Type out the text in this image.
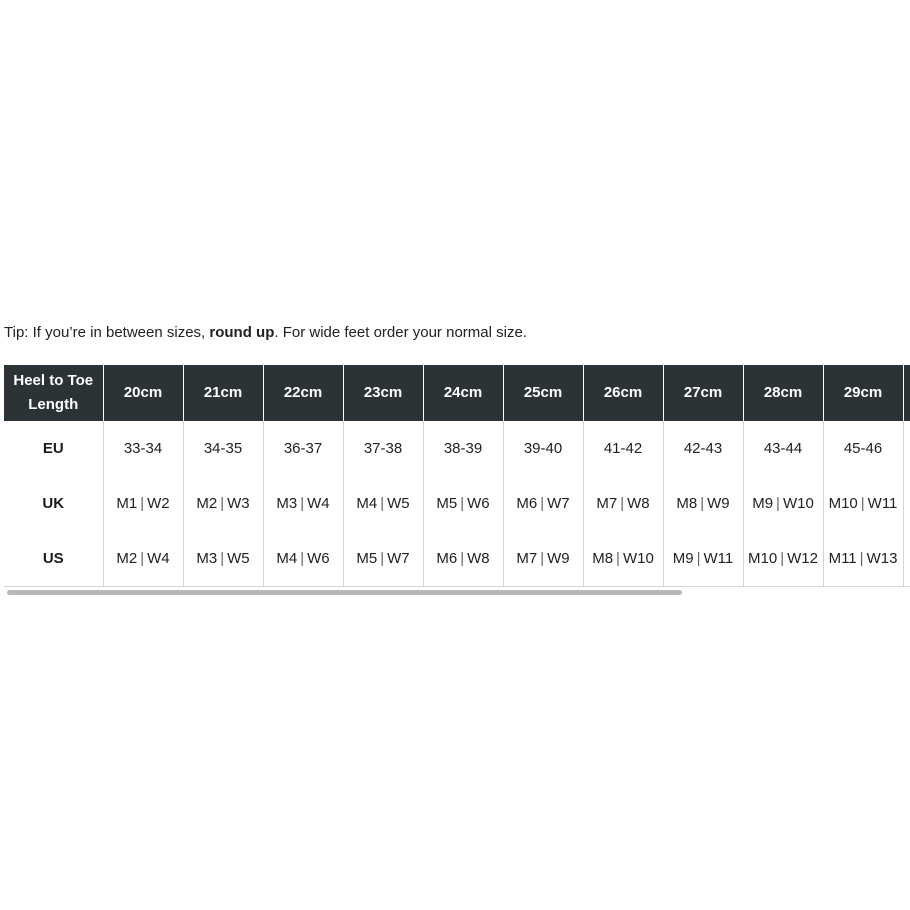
Tip: If you’re in between sizes, round up. For wide feet order your normal size.
Heel to Toe Length	20cm	21cm	22cm	23cm	24cm	25cm	26cm	27cm	28cm	29cm	
EU	33-34	34-35	36-37	37-38	38-39	39-40	41-42	42-43	43-44	45-46	
UK	M1 | W2	M2 | W3	M3 | W4	M4 | W5	M5 | W6	M6 | W7	M7 | W8	M8 | W9	M9 | W10	M10 | W11	
US	M2 | W4	M3 | W5	M4 | W6	M5 | W7	M6 | W8	M7 | W9	M8 | W10	M9 | W11	M10 | W12	M11 | W13	
